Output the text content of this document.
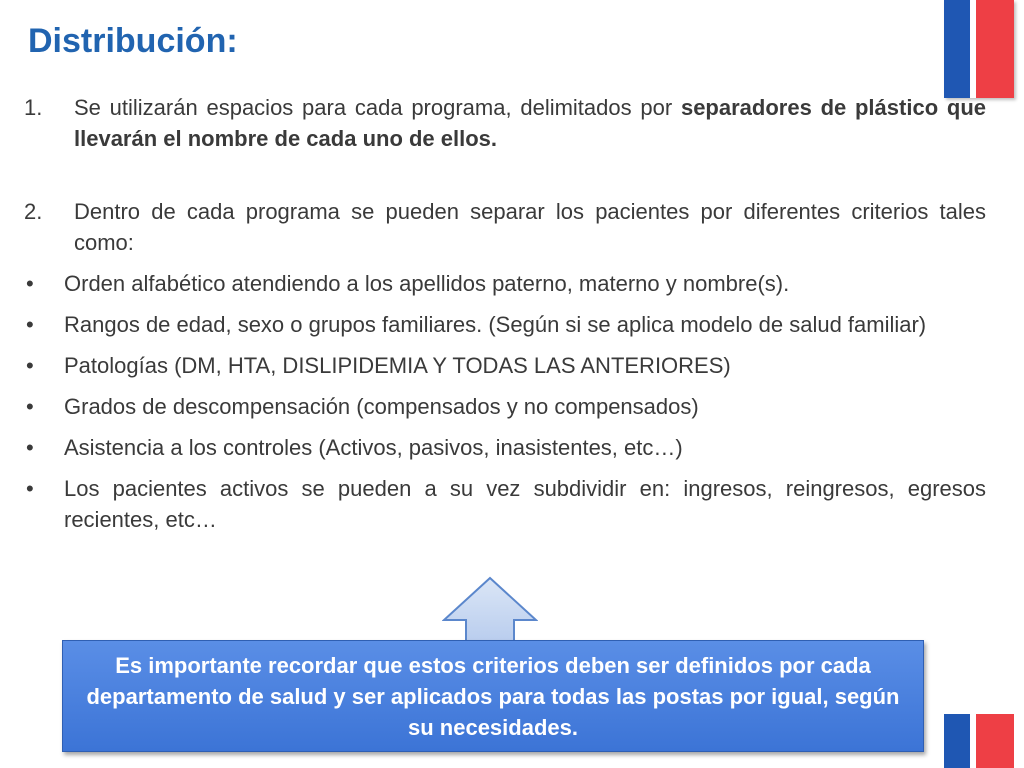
Distribución:
1.	Se utilizarán espacios para cada programa, delimitados por separadores de plástico que llevarán el nombre de cada uno de ellos.
2.	Dentro de cada programa se pueden separar los pacientes por diferentes criterios tales como:
•	Orden alfabético atendiendo a los apellidos paterno, materno y nombre(s).
•	Rangos de edad, sexo o grupos familiares. (Según si se aplica modelo de salud familiar)
•	Patologías (DM, HTA, DISLIPIDEMIA Y TODAS LAS ANTERIORES)
•	Grados de descompensación (compensados y no compensados)
•	Asistencia a los controles (Activos, pasivos, inasistentes, etc…)
•	Los pacientes activos se pueden a su vez subdividir en: ingresos, reingresos, egresos recientes, etc…
Es importante recordar que estos criterios deben ser definidos por cada departamento de salud y ser aplicados para todas las postas por igual, según su necesidades.
